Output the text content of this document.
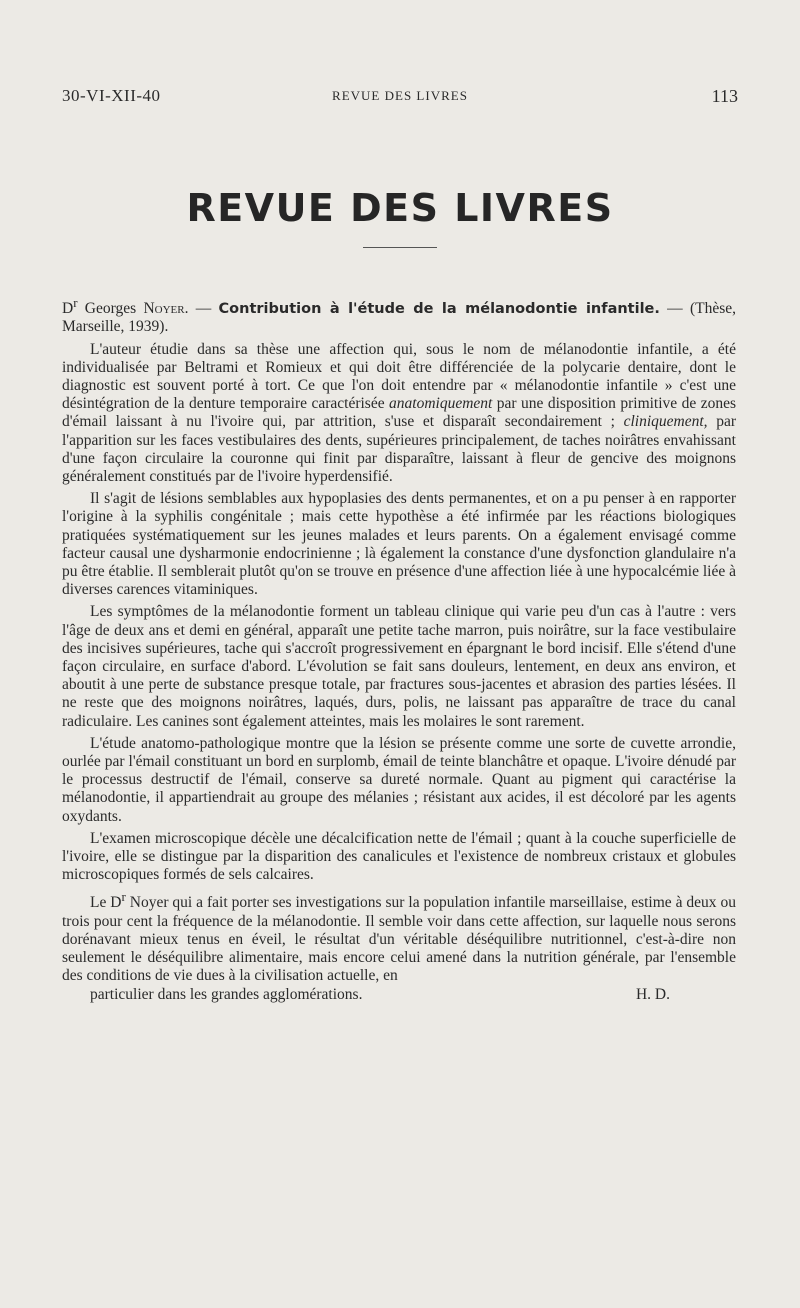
30-VI-XII-40	REVUE DES LIVRES	113
REVUE DES LIVRES

$D^r$ Georges Noyer. — Contribution à l'étude de la mélanodontie infantile. — (Thèse, Marseille, 1939).

L'auteur étudie dans sa thèse une affection qui, sous le nom de mélanodontie infantile, a été individualisée par Beltrami et Romieux et qui doit être différenciée de la polycarie dentaire, dont le diagnostic est souvent porté à tort. Ce que l'on doit entendre par « mélanodontie infantile » c'est une désintégration de la denture temporaire caractérisée anatomiquement par une disposition primitive de zones d'émail laissant à nu l'ivoire qui, par attrition, s'use et disparaît secondairement ; cliniquement, par l'apparition sur les faces vestibulaires des dents, supérieures principalement, de taches noirâtres envahissant d'une façon circulaire la couronne qui finit par disparaître, laissant à fleur de gencive des moignons généralement constitués par de l'ivoire hyperdensifié.

Il s'agit de lésions semblables aux hypoplasies des dents permanentes, et on a pu penser à en rapporter l'origine à la syphilis congénitale ; mais cette hypothèse a été infirmée par les réactions biologiques pratiquées systématiquement sur les jeunes malades et leurs parents. On a également envisagé comme facteur causal une dysharmonie endocrinienne ; là également la constance d'une dysfonction glandulaire n'a pu être établie. Il semblerait plutôt qu'on se trouve en présence d'une affection liée à une hypocalcémie liée à diverses carences vitaminiques.

Les symptômes de la mélanodontie forment un tableau clinique qui varie peu d'un cas à l'autre : vers l'âge de deux ans et demi en général, apparaît une petite tache marron, puis noirâtre, sur la face vestibulaire des incisives supérieures, tache qui s'accroît progressivement en épargnant le bord incisif. Elle s'étend d'une façon circulaire, en surface d'abord. L'évolution se fait sans douleurs, lentement, en deux ans environ, et aboutit à une perte de substance presque totale, par fractures sous-jacentes et abrasion des parties lésées. Il ne reste que des moignons noirâtres, laqués, durs, polis, ne laissant pas apparaître de trace du canal radiculaire. Les canines sont également atteintes, mais les molaires le sont rarement.

L'étude anatomo-pathologique montre que la lésion se présente comme une sorte de cuvette arrondie, ourlée par l'émail constituant un bord en surplomb, émail de teinte blanchâtre et opaque. L'ivoire dénudé par le processus destructif de l'émail, conserve sa dureté normale. Quant au pigment qui caractérise la mélanodontie, il appartiendrait au groupe des mélanies ; résistant aux acides, il est décoloré par les agents oxydants.

L'examen microscopique décèle une décalcification nette de l'émail ; quant à la couche superficielle de l'ivoire, elle se distingue par la disparition des canalicules et l'existence de nombreux cristaux et globules microscopiques formés de sels calcaires.

Le $D^r$ Noyer qui a fait porter ses investigations sur la population infantile marseillaise, estime à deux ou trois pour cent la fréquence de la mélanodontie. Il semble voir dans cette affection, sur laquelle nous serons dorénavant mieux tenus en éveil, le résultat d'un véritable déséquilibre nutritionnel, c'est-à-dire non seulement le déséquilibre alimentaire, mais encore celui amené dans la nutrition générale, par l'ensemble des conditions de vie dues à la civilisation actuelle, en
particulier dans les grandes agglomérations.	H. D.
